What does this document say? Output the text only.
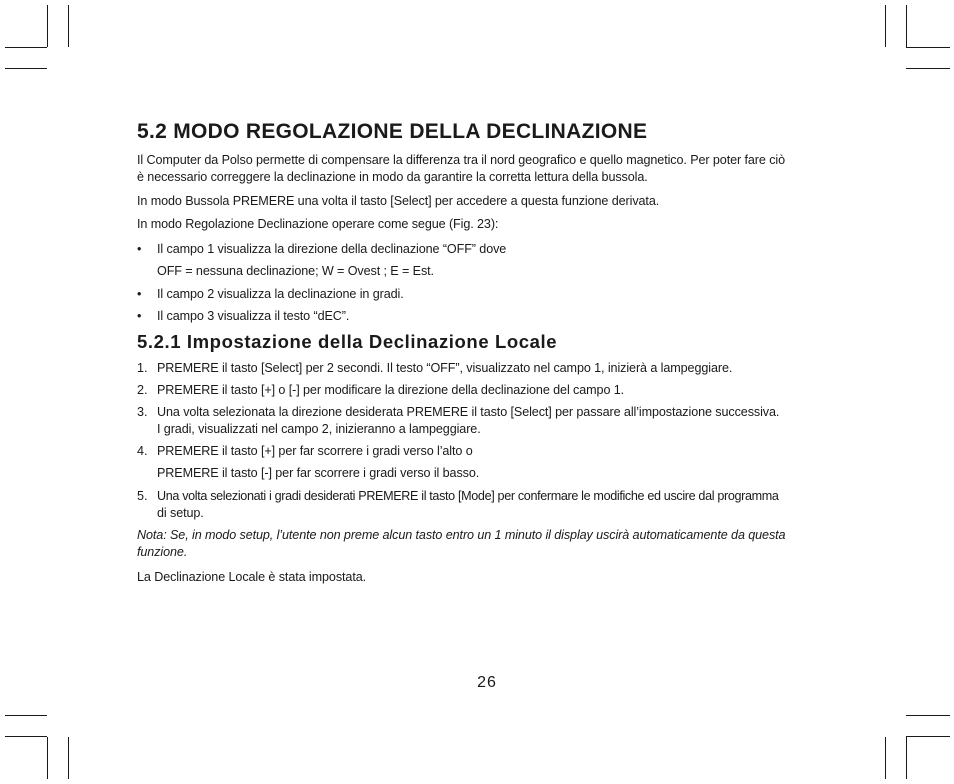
5.2 MODO REGOLAZIONE DELLA DECLINAZIONE

Il Computer da Polso permette di compensare la differenza tra il nord geografico e quello magnetico. Per poter fare ciò

è necessario correggere la declinazione in modo da garantire la corretta lettura della bussola.

In modo Bussola PREMERE una volta il tasto [Select] per accedere a questa funzione derivata.

In modo Regolazione Declinazione operare come segue (Fig. 23):

•	Il campo 1 visualizza la direzione della declinazione “OFF” dove

OFF = nessuna declinazione; W = Ovest ; E = Est.

•	Il campo 2 visualizza la declinazione in gradi.

•	Il campo 3 visualizza il testo “dEC”.

5.2.1 Impostazione della Declinazione Locale
1. PREMERE il tasto [Select] per 2 secondi. Il testo “OFF”, visualizzato nel campo 1, inizierà a lampeggiare.

2. PREMERE il tasto [+] o [-] per modificare la direzione della declinazione del campo 1.

3. Una volta selezionata la direzione desiderata PREMERE il tasto [Select] per passare all’impostazione successiva.

I gradi, visualizzati nel campo 2, inizieranno a lampeggiare.

4. PREMERE il tasto [+] per far scorrere i gradi verso l’alto o

PREMERE il tasto [-] per far scorrere i gradi verso il basso.

5. Una volta selezionati i gradi desiderati PREMERE il tasto [Mode] per confermare le modifiche ed uscire dal programma

di setup.

Nota: Se, in modo setup, l’utente non preme alcun tasto entro un 1 minuto il display uscirà automaticamente da questa

funzione.

La Declinazione Locale è stata impostata.

26
